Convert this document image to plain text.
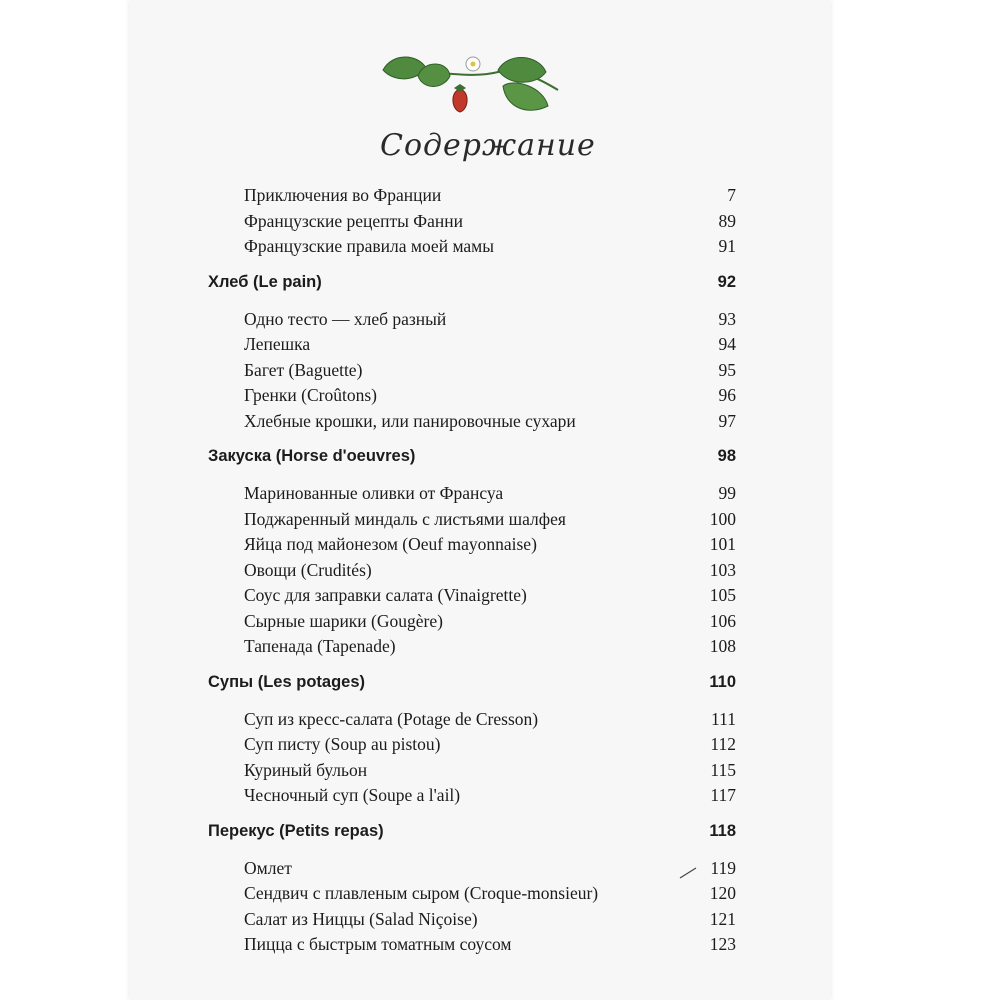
Содержание
Приключения во Франции	7
Французские рецепты Фанни	89
Французские правила моей мамы	91
Хлеб (Le pain)	92
Одно тесто — хлеб разный	93
Лепешка	94
Багет (Baguette)	95
Гренки (Croûtons)	96
Хлебные крошки, или панировочные сухари	97
Закуска (Horse d'oeuvres)	98
Маринованные оливки от Франсуа	99
Поджаренный миндаль с листьями шалфея	100
Яйца под майонезом (Oeuf mayonnaise)	101
Овощи (Crudités)	103
Соус для заправки салата (Vinaigrette)	105
Сырные шарики (Gougère)	106
Тапенада (Tapenade)	108
Супы (Les potages)	110
Суп из кресс-салата (Potage de Cresson)	111
Суп писту (Soup au pistou)	112
Куриный бульон	115
Чесночный суп (Soupe a l'ail)	117
Перекус (Petits repas)	118
Омлет	119
Сендвич с плавленым сыром (Croque-monsieur)	120
Салат из Ниццы (Salad Niçoise)	121
Пицца с быстрым томатным соусом	123
